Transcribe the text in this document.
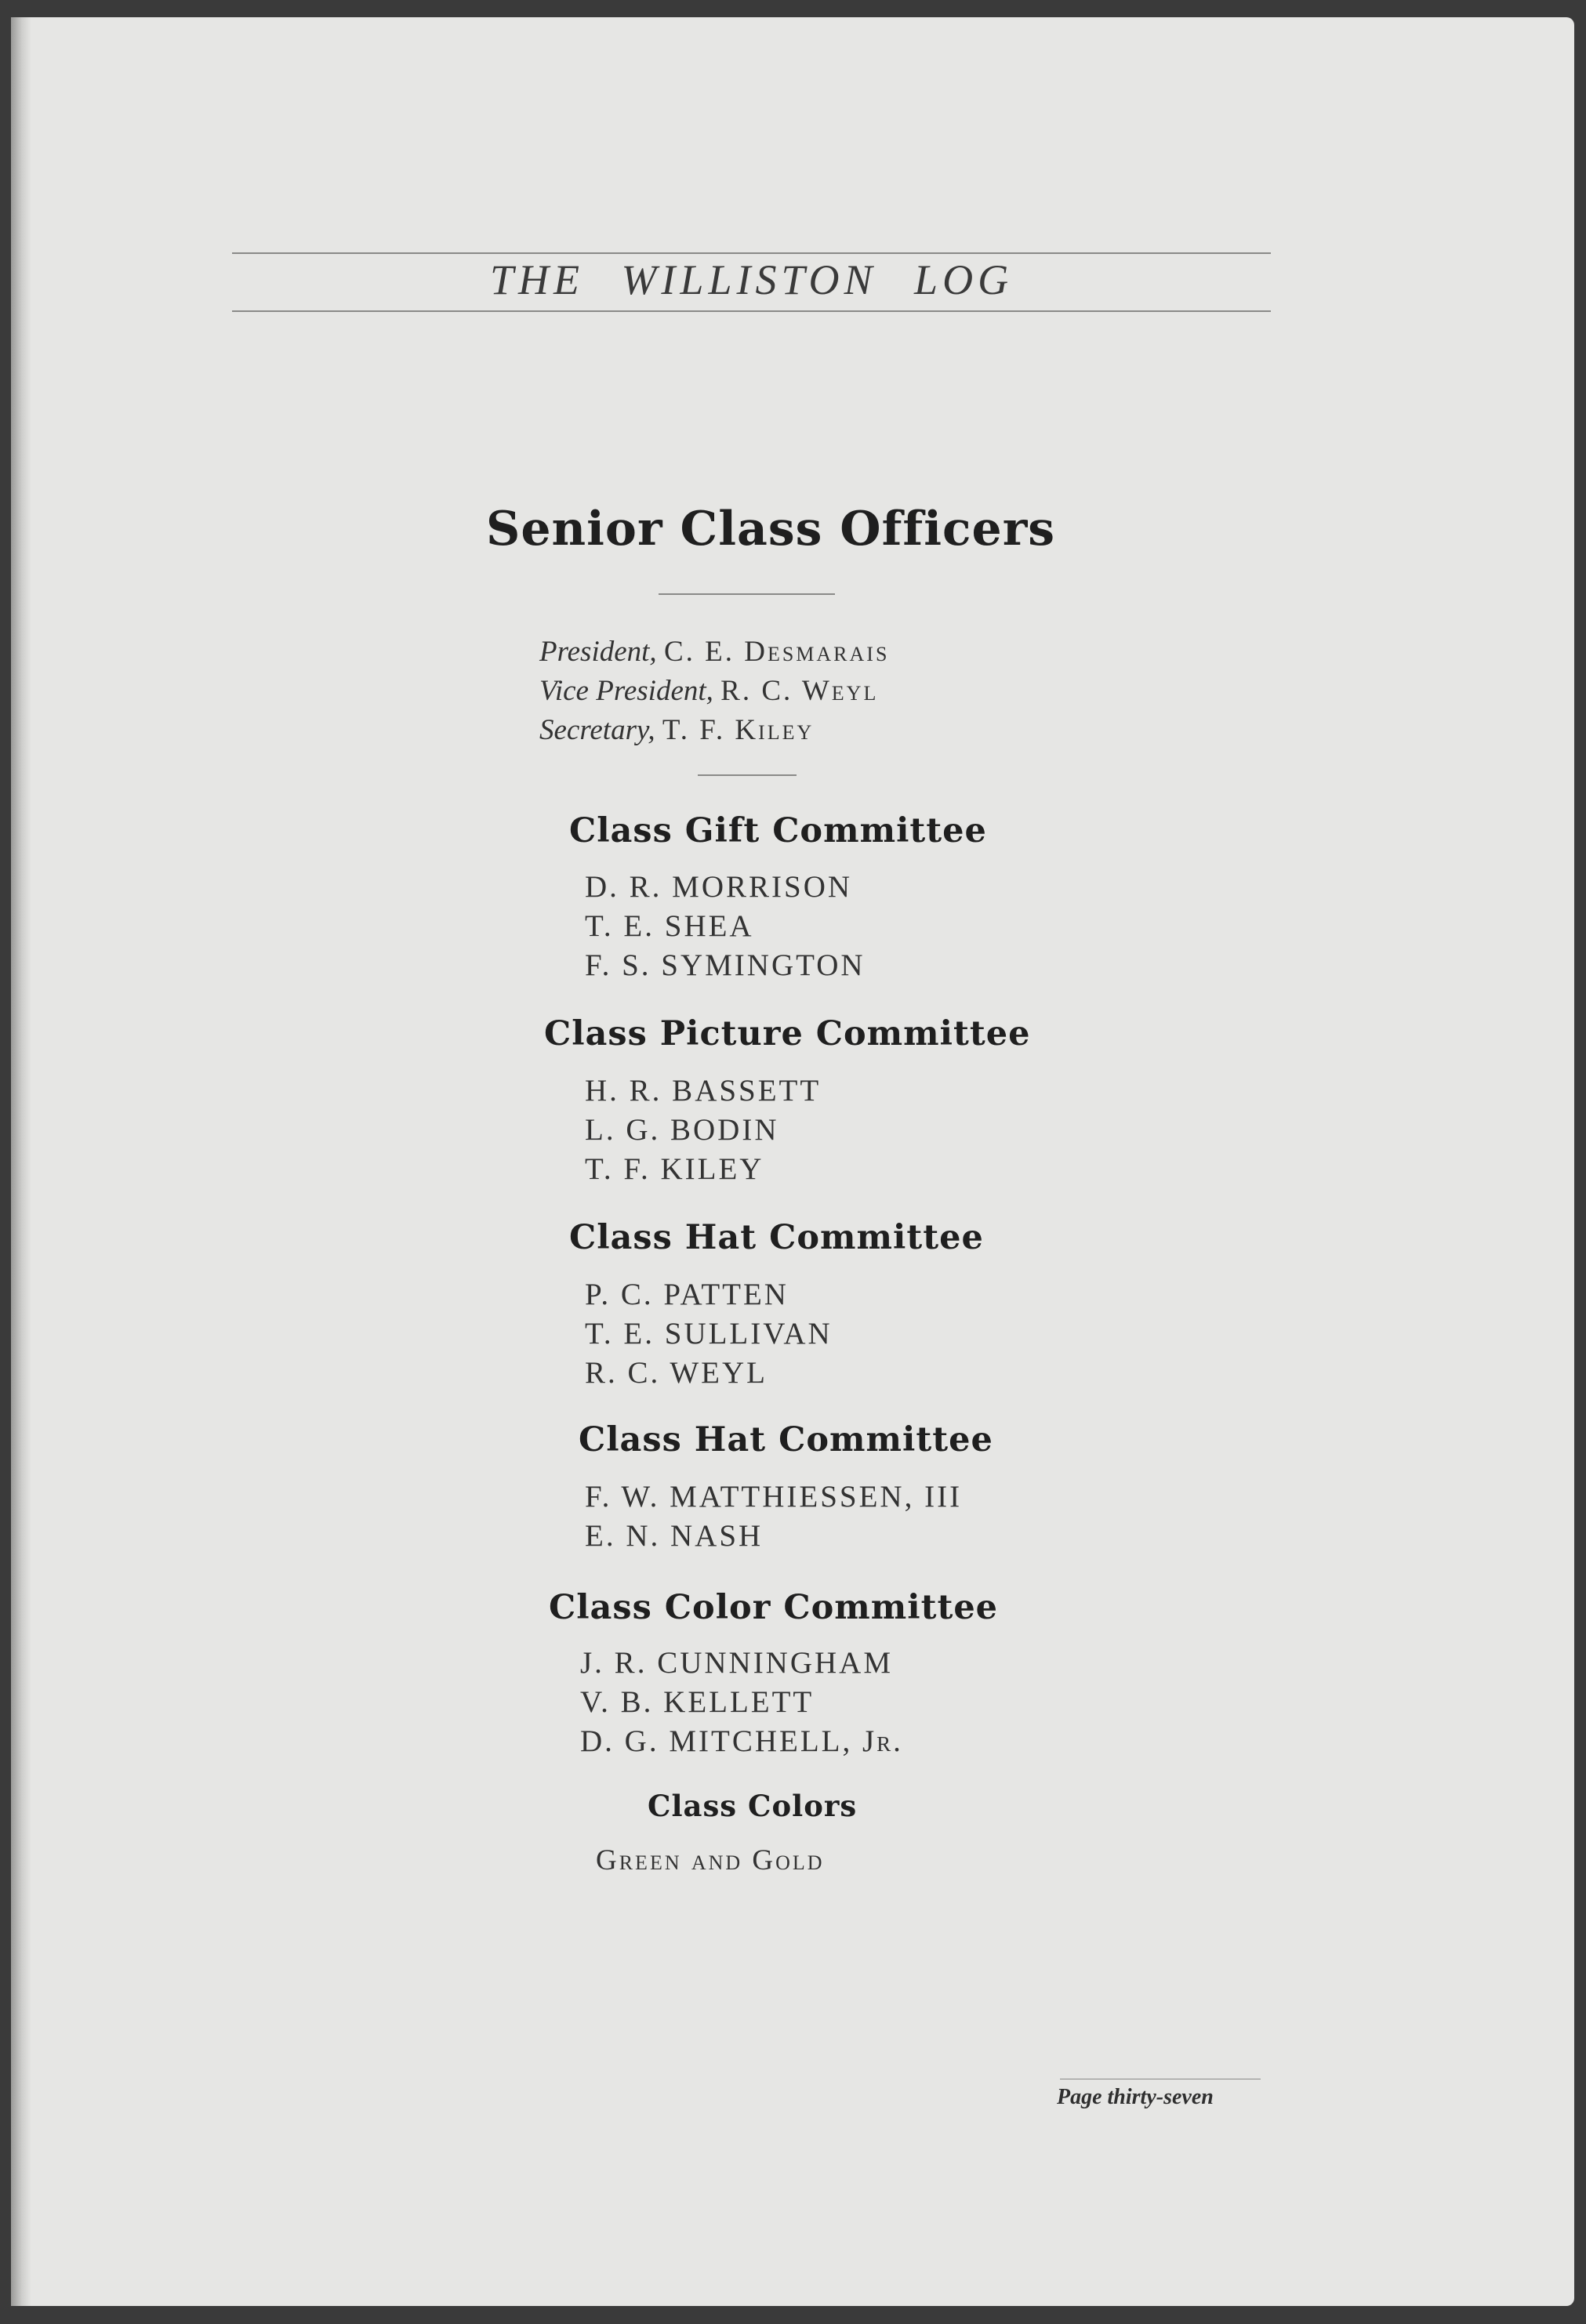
THE WILLISTON LOG
Senior Class Officers
President, C. E. Desmarais
Vice President, R. C. Weyl
Secretary, T. F. Kiley
Class Gift Committee
D. R. MORRISON
T. E. SHEA
F. S. SYMINGTON
Class Picture Committee
H. R. BASSETT
L. G. BODIN
T. F. KILEY
Class Hat Committee
P. C. PATTEN
T. E. SULLIVAN
R. C. WEYL
Class Hat Committee
F. W. MATTHIESSEN, III
E. N. NASH
Class Color Committee
J. R. CUNNINGHAM
V. B. KELLETT
D. G. MITCHELL, Jr.
Class Colors
Green and Gold
Page thirty-seven
